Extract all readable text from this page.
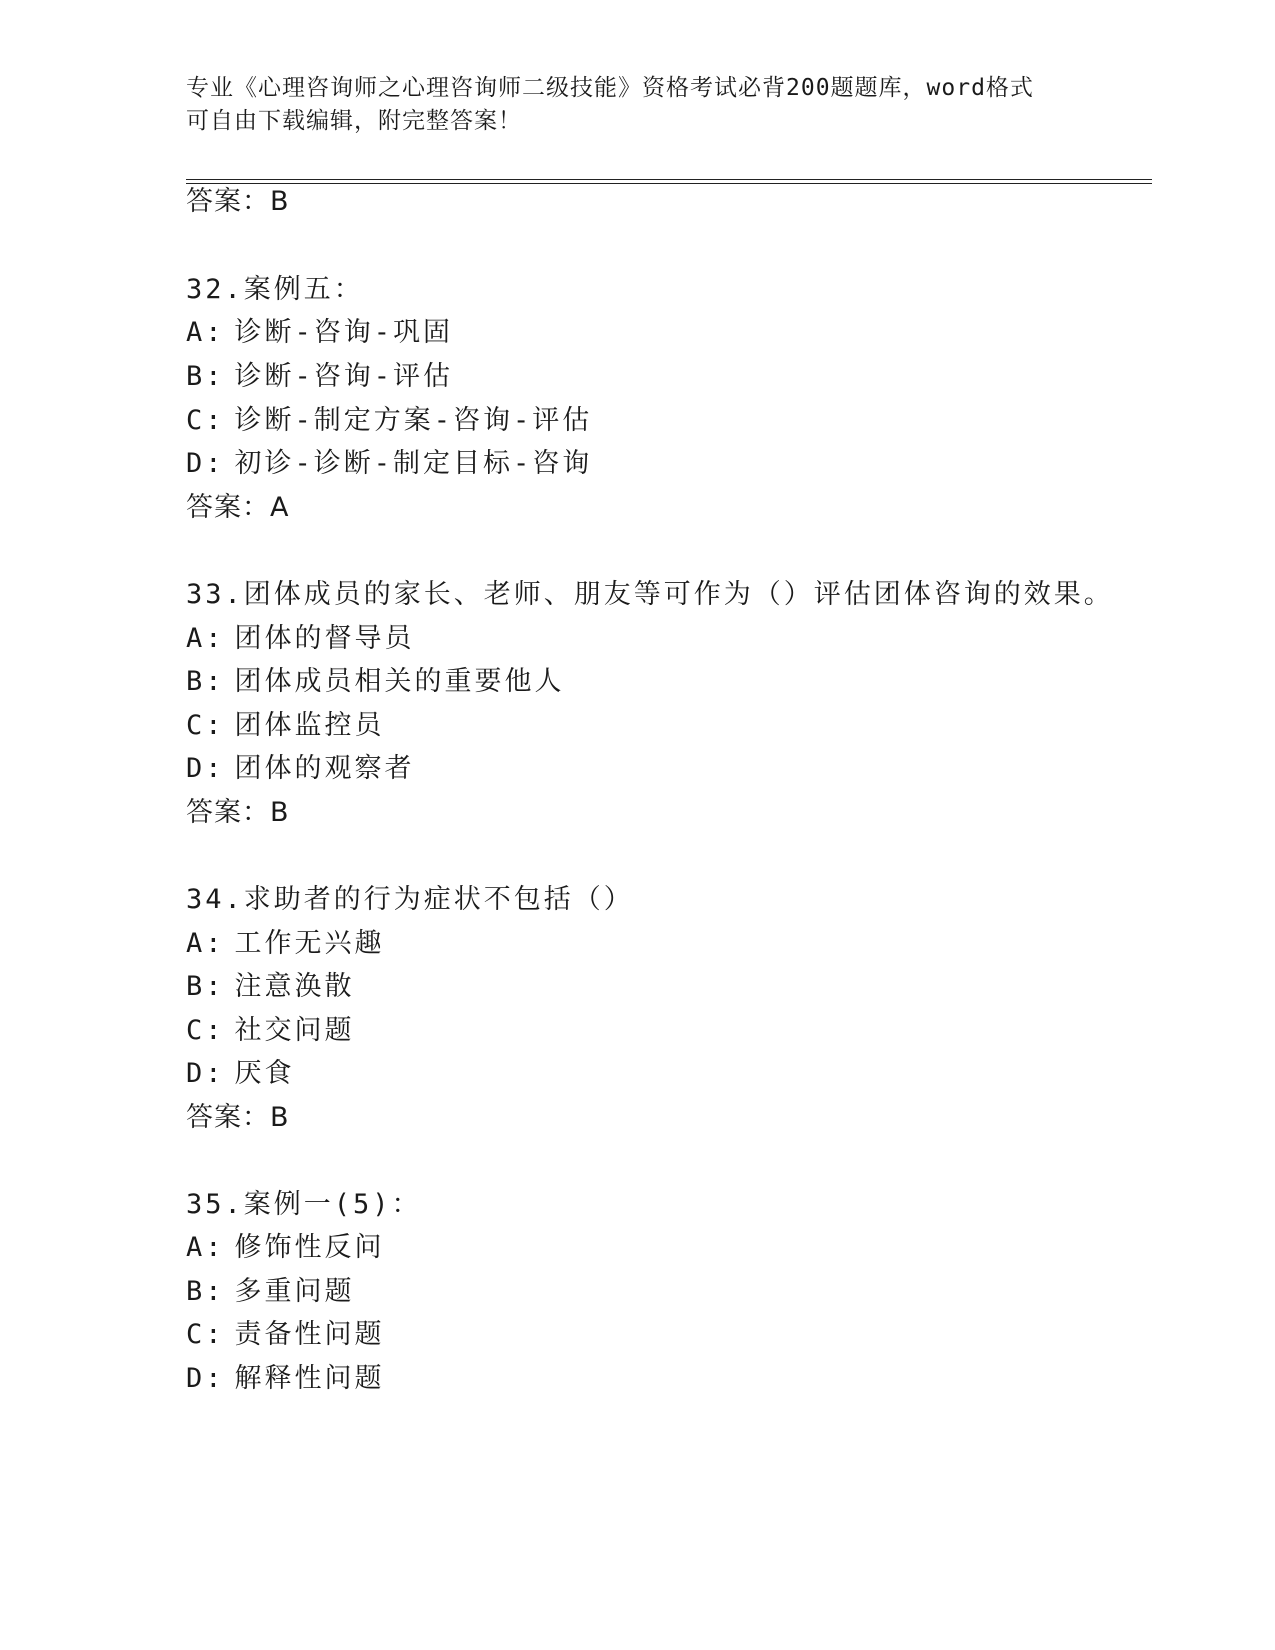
专业《心理咨询师之心理咨询师二级技能》资格考试必背200题题库，word格式
可自由下载编辑，附完整答案！
答案：B
32.案例五：
A: 诊断-咨询-巩固
B: 诊断-咨询-评估
C: 诊断-制定方案-咨询-评估
D: 初诊-诊断-制定目标-咨询
答案：A
33.团体成员的家长、老师、朋友等可作为（）评估团体咨询的效果。
A: 团体的督导员
B: 团体成员相关的重要他人
C: 团体监控员
D: 团体的观察者
答案：B
34.求助者的行为症状不包括（）
A: 工作无兴趣
B: 注意涣散
C: 社交问题
D: 厌食
答案：B
35.案例一(5)：
A: 修饰性反问
B: 多重问题
C: 责备性问题
D: 解释性问题
